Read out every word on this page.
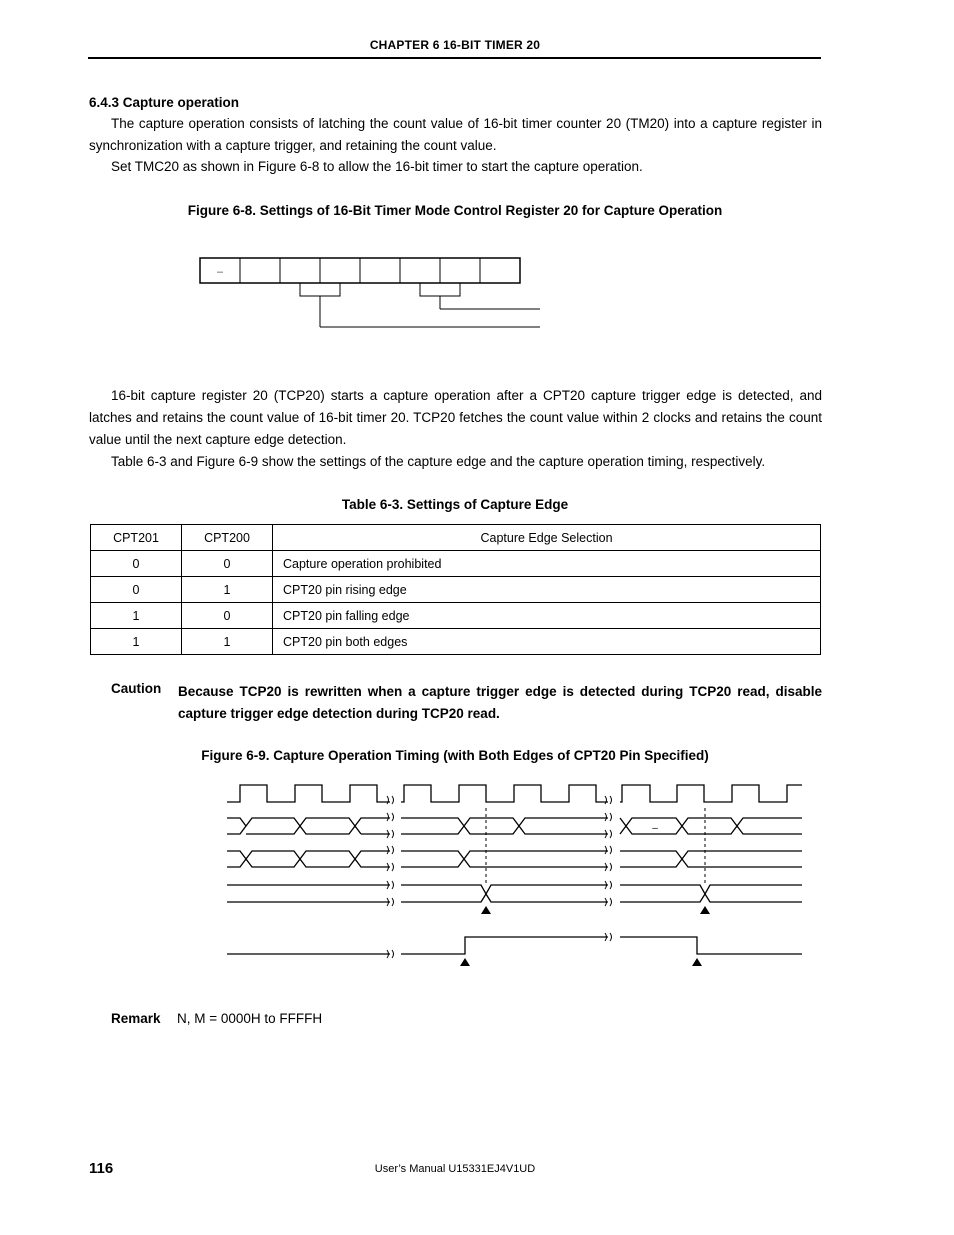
CHAPTER 6 16-BIT TIMER 20
6.4.3 Capture operation
The capture operation consists of latching the count value of 16-bit timer counter 20 (TM20) into a capture register in synchronization with a capture trigger, and retaining the count value.
Set TMC20 as shown in Figure 6-8 to allow the 16-bit timer to start the capture operation.
Figure 6-8. Settings of 16-Bit Timer Mode Control Register 20 for Capture Operation
–
16-bit capture register 20 (TCP20) starts a capture operation after a CPT20 capture trigger edge is detected, and latches and retains the count value of 16-bit timer 20. TCP20 fetches the count value within 2 clocks and retains the count value until the next capture edge detection.
Table 6-3 and Figure 6-9 show the settings of the capture edge and the capture operation timing, respectively.
Table 6-3. Settings of Capture Edge
CPT201	CPT200	Capture Edge Selection
0	0	Capture operation prohibited
0	1	CPT20 pin rising edge
1	0	CPT20 pin falling edge
1	1	CPT20 pin both edges
Caution Because TCP20 is rewritten when a capture trigger edge is detected during TCP20 read, disable capture trigger edge detection during TCP20 read.
Figure 6-9. Capture Operation Timing (with Both Edges of CPT20 Pin Specified)
–
Remark N, M = 0000H to FFFFH
116	User’s Manual U15331EJ4V1UD
